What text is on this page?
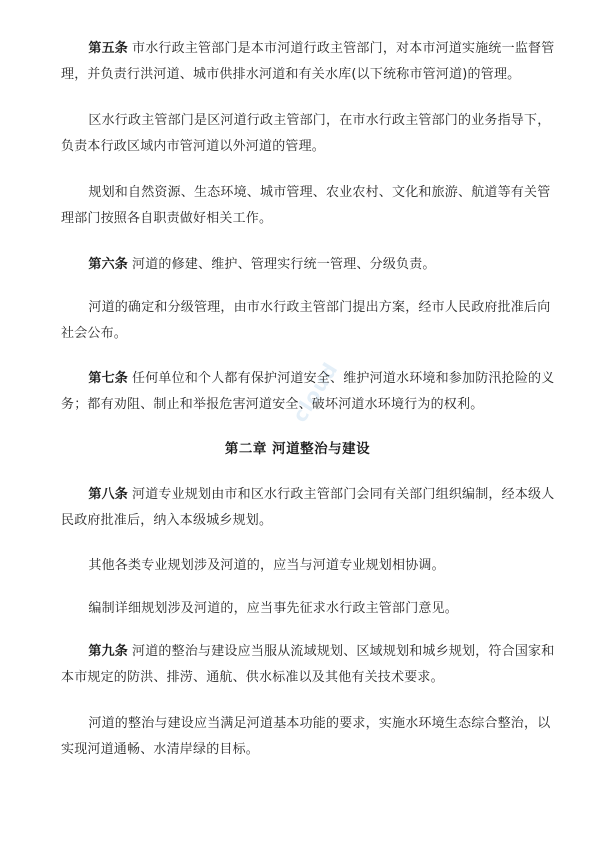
cloud
　　第五条 市水行政主管部门是本市河道行政主管部门，对本市河道实施统一监督管
理，并负责行洪河道、城市供排水河道和有关水库(以下统称市管河道)的管理。
　　区水行政主管部门是区河道行政主管部门，在市水行政主管部门的业务指导下，
负责本行政区域内市管河道以外河道的管理。
　　规划和自然资源、生态环境、城市管理、农业农村、文化和旅游、航道等有关管
理部门按照各自职责做好相关工作。
　　第六条 河道的修建、维护、管理实行统一管理、分级负责。
　　河道的确定和分级管理，由市水行政主管部门提出方案，经市人民政府批准后向
社会公布。
　　第七条 任何单位和个人都有保护河道安全、维护河道水环境和参加防汛抢险的义
务；都有劝阻、制止和举报危害河道安全、破坏河道水环境行为的权利。
第二章 河道整治与建设
　　第八条 河道专业规划由市和区水行政主管部门会同有关部门组织编制，经本级人
民政府批准后，纳入本级城乡规划。
　　其他各类专业规划涉及河道的，应当与河道专业规划相协调。
　　编制详细规划涉及河道的，应当事先征求水行政主管部门意见。
　　第九条 河道的整治与建设应当服从流域规划、区域规划和城乡规划，符合国家和
本市规定的防洪、排涝、通航、供水标准以及其他有关技术要求。
　　河道的整治与建设应当满足河道基本功能的要求，实施水环境生态综合整治，以
实现河道通畅、水清岸绿的目标。
